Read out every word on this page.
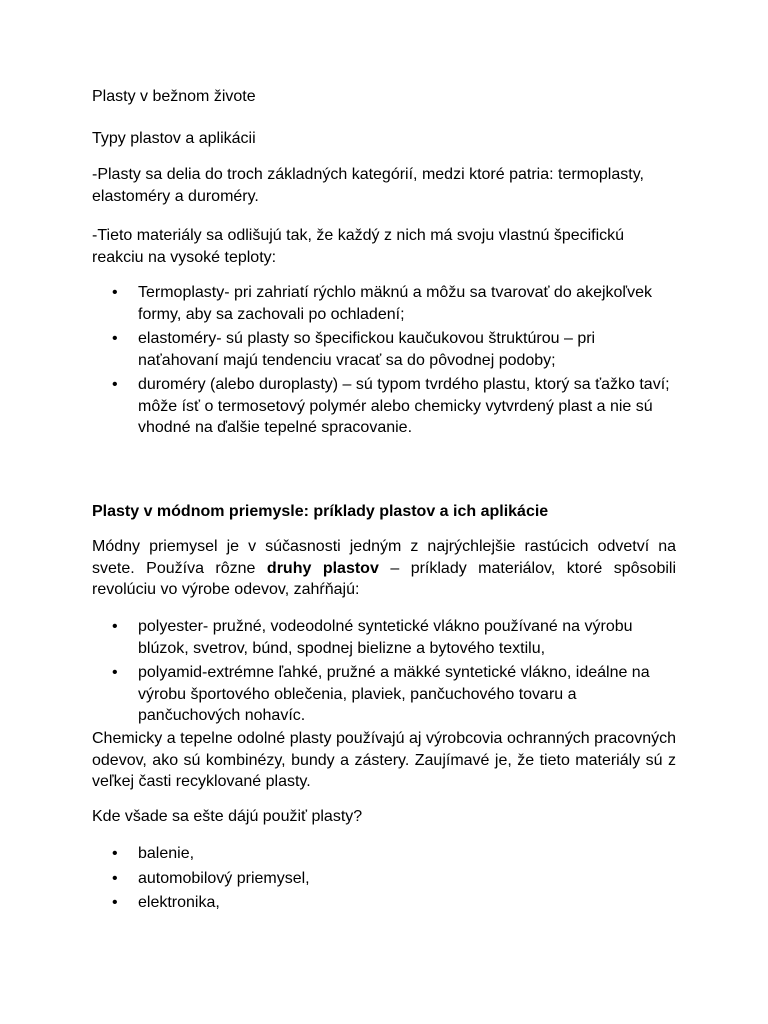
Plasty v bežnom živote

Typy plastov a aplikácii

-Plasty sa delia do troch základných kategórií, medzi ktoré patria: termoplasty, elastoméry a duroméry.

-Tieto materiály sa odlišujú tak, že každý z nich má svoju vlastnú špecifickú reakciu na vysoké teploty:

• Termoplasty- pri zahriatí rýchlo mäknú a môžu sa tvarovať do akejkoľvek formy, aby sa zachovali po ochladení;
• elastoméry- sú plasty so špecifickou kaučukovou štruktúrou – pri naťahovaní majú tendenciu vracať sa do pôvodnej podoby;
• duroméry (alebo duroplasty) – sú typom tvrdého plastu, ktorý sa ťažko taví; môže ísť o termosetový polymér alebo chemicky vytvrdený plast a nie sú vhodné na ďalšie tepelné spracovanie.

Plasty v módnom priemysle: príklady plastov a ich aplikácie

Módny priemysel je v súčasnosti jedným z najrýchlejšie rastúcich odvetví na svete. Používa rôzne druhy plastov – príklady materiálov, ktoré spôsobili revolúciu vo výrobe odevov, zahŕňajú:

• polyester- pružné, vodeodolné syntetické vlákno používané na výrobu blúzok, svetrov, búnd, spodnej bielizne a bytového textilu,
• polyamid-extrémne ľahké, pružné a mäkké syntetické vlákno, ideálne na výrobu športového oblečenia, plaviek, pančuchového tovaru a pančuchových nohavíc.

Chemicky a tepelne odolné plasty používajú aj výrobcovia ochranných pracovných odevov, ako sú kombinézy, bundy a zástery. Zaujímavé je, že tieto materiály sú z veľkej časti recyklované plasty.

Kde všade sa ešte dájú použiť plasty?

• balenie,
• automobilový priemysel,
• elektronika,
